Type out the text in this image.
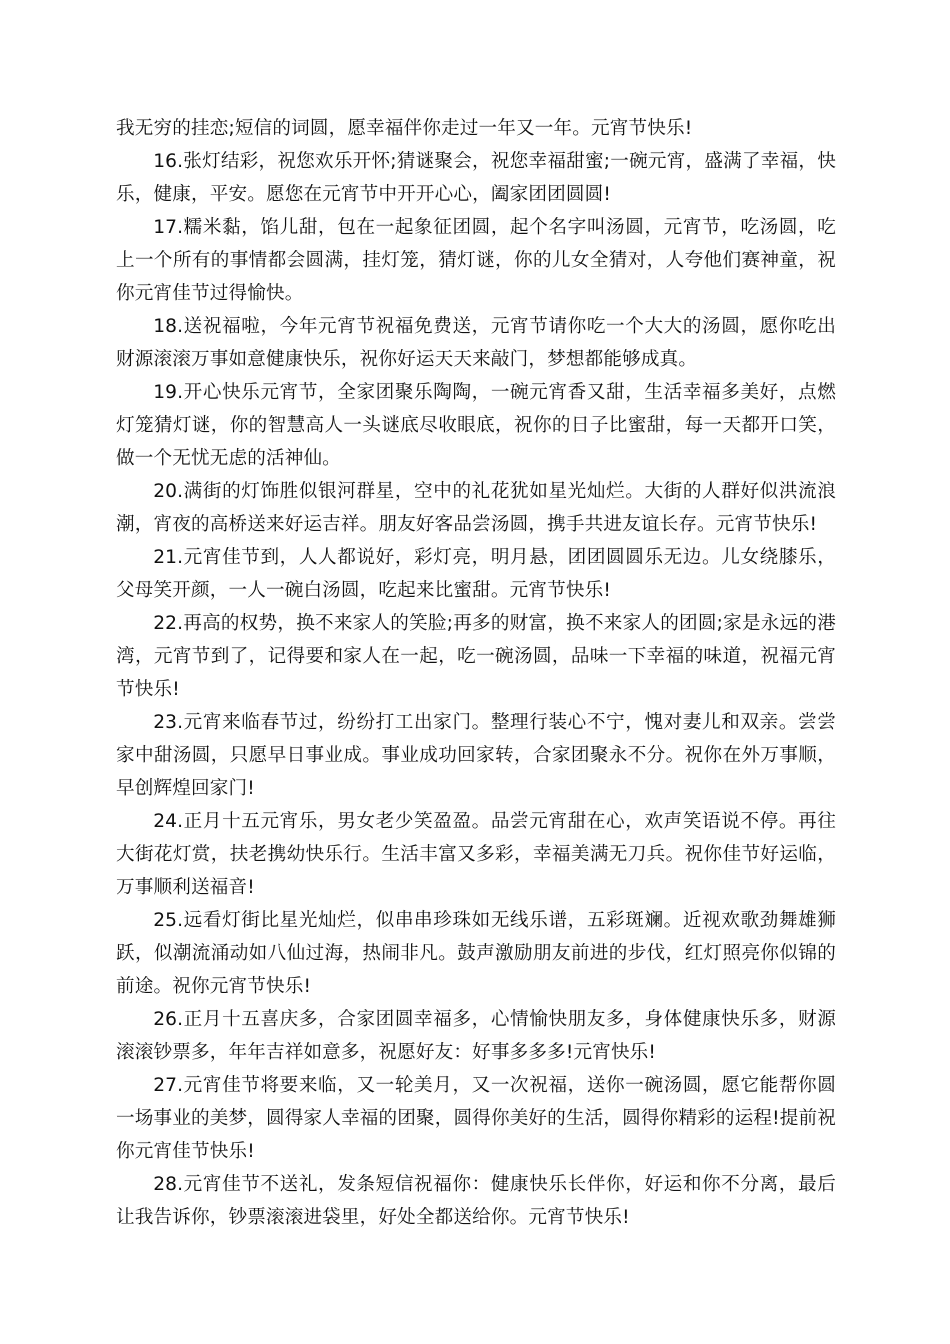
我无穷的挂恋;短信的词圆，愿幸福伴你走过一年又一年。元宵节快乐!

16.张灯结彩，祝您欢乐开怀;猜谜聚会，祝您幸福甜蜜;一碗元宵，盛满了幸福，快乐，健康，平安。愿您在元宵节中开开心心，阖家团团圆圆!

17.糯米黏，馅儿甜，包在一起象征团圆，起个名字叫汤圆，元宵节，吃汤圆，吃上一个所有的事情都会圆满，挂灯笼，猜灯谜，你的儿女全猜对，人夸他们赛神童，祝你元宵佳节过得愉快。

18.送祝福啦，今年元宵节祝福免费送，元宵节请你吃一个大大的汤圆，愿你吃出财源滚滚万事如意健康快乐，祝你好运天天来敲门，梦想都能够成真。

19.开心快乐元宵节，全家团聚乐陶陶，一碗元宵香又甜，生活幸福多美好，点燃灯笼猜灯谜，你的智慧高人一头谜底尽收眼底，祝你的日子比蜜甜，每一天都开口笑，做一个无忧无虑的活神仙。

20.满街的灯饰胜似银河群星，空中的礼花犹如星光灿烂。大街的人群好似洪流浪潮，宵夜的高桥送来好运吉祥。朋友好客品尝汤圆，携手共进友谊长存。元宵节快乐!

21.元宵佳节到，人人都说好，彩灯亮，明月悬，团团圆圆乐无边。儿女绕膝乐，父母笑开颜，一人一碗白汤圆，吃起来比蜜甜。元宵节快乐!

22.再高的权势，换不来家人的笑脸;再多的财富，换不来家人的团圆;家是永远的港湾，元宵节到了，记得要和家人在一起，吃一碗汤圆，品味一下幸福的味道，祝福元宵节快乐!

23.元宵来临春节过，纷纷打工出家门。整理行装心不宁，愧对妻儿和双亲。尝尝家中甜汤圆，只愿早日事业成。事业成功回家转，合家团聚永不分。祝你在外万事顺，早创辉煌回家门!

24.正月十五元宵乐，男女老少笑盈盈。品尝元宵甜在心，欢声笑语说不停。再往大街花灯赏，扶老携幼快乐行。生活丰富又多彩，幸福美满无刀兵。祝你佳节好运临，万事顺利送福音!

25.远看灯街比星光灿烂，似串串珍珠如无线乐谱，五彩斑斓。近视欢歌劲舞雄狮跃，似潮流涌动如八仙过海，热闹非凡。鼓声激励朋友前进的步伐，红灯照亮你似锦的前途。祝你元宵节快乐!

26.正月十五喜庆多，合家团圆幸福多，心情愉快朋友多，身体健康快乐多，财源滚滚钞票多，年年吉祥如意多，祝愿好友：好事多多多!元宵快乐!

27.元宵佳节将要来临，又一轮美月，又一次祝福，送你一碗汤圆，愿它能帮你圆一场事业的美梦，圆得家人幸福的团聚，圆得你美好的生活，圆得你精彩的运程!提前祝你元宵佳节快乐!

28.元宵佳节不送礼，发条短信祝福你：健康快乐长伴你，好运和你不分离，最后让我告诉你，钞票滚滚进袋里，好处全都送给你。元宵节快乐!
